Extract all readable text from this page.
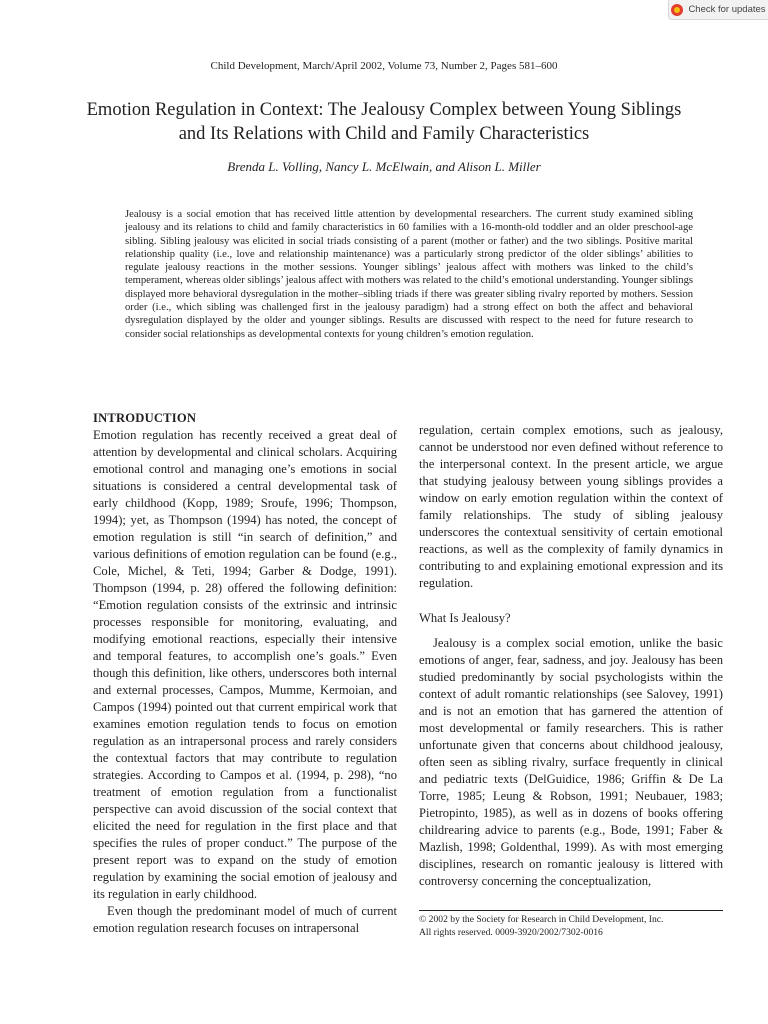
Check for updates
Child Development, March/April 2002, Volume 73, Number 2, Pages 581–600
Emotion Regulation in Context: The Jealousy Complex between Young Siblings and Its Relations with Child and Family Characteristics
Brenda L. Volling, Nancy L. McElwain, and Alison L. Miller

Jealousy is a social emotion that has received little attention by developmental researchers. The current study examined sibling jealousy and its relations to child and family characteristics in 60 families with a 16-month-old toddler and an older preschool-age sibling. Sibling jealousy was elicited in social triads consisting of a parent (mother or father) and the two siblings. Positive marital relationship quality (i.e., love and relationship maintenance) was a particularly strong predictor of the older siblings’ abilities to regulate jealousy reactions in the mother sessions. Younger siblings’ jealous affect with mothers was linked to the child’s temperament, whereas older siblings’ jealous affect with mothers was related to the child’s emotional understanding. Younger siblings displayed more behavioral dysregulation in the mother–sibling triads if there was greater sibling rivalry reported by mothers. Session order (i.e., which sibling was challenged first in the jealousy paradigm) had a strong effect on both the affect and behavioral dysregulation displayed by the older and younger siblings. Results are discussed with respect to the need for future research to consider social relationships as developmental contexts for young children’s emotion regulation.

INTRODUCTION

Emotion regulation has recently received a great deal of attention by developmental and clinical scholars. Acquiring emotional control and managing one’s emotions in social situations is considered a central developmental task of early childhood (Kopp, 1989; Sroufe, 1996; Thompson, 1994); yet, as Thompson (1994) has noted, the concept of emotion regulation is still “in search of definition,” and various definitions of emotion regulation can be found (e.g., Cole, Michel, & Teti, 1994; Garber & Dodge, 1991). Thompson (1994, p. 28) offered the following definition: “Emotion regulation consists of the extrinsic and intrinsic processes responsible for monitoring, evaluating, and modifying emotional reactions, especially their intensive and temporal features, to accomplish one’s goals.” Even though this definition, like others, underscores both internal and external processes, Campos, Mumme, Kermoian, and Campos (1994) pointed out that current empirical work that examines emotion regulation tends to focus on emotion regulation as an intrapersonal process and rarely considers the contextual factors that may contribute to regulation strategies. According to Campos et al. (1994, p. 298), “no treatment of emotion regulation from a functionalist perspective can avoid discussion of the social context that elicited the need for regulation in the first place and that specifies the rules of proper conduct.” The purpose of the present report was to expand on the study of emotion regulation by examining the social emotion of jealousy and its regulation in early childhood.

Even though the predominant model of much of current emotion regulation research focuses on intrapersonal

regulation, certain complex emotions, such as jealousy, cannot be understood nor even defined without reference to the interpersonal context. In the present article, we argue that studying jealousy between young siblings provides a window on early emotion regulation within the context of family relationships. The study of sibling jealousy underscores the contextual sensitivity of certain emotional reactions, as well as the complexity of family dynamics in contributing to and explaining emotional expression and its regulation.

What Is Jealousy?

Jealousy is a complex social emotion, unlike the basic emotions of anger, fear, sadness, and joy. Jealousy has been studied predominantly by social psychologists within the context of adult romantic relationships (see Salovey, 1991) and is not an emotion that has garnered the attention of most developmental or family researchers. This is rather unfortunate given that concerns about childhood jealousy, often seen as sibling rivalry, surface frequently in clinical and pediatric texts (DelGuidice, 1986; Griffin & De La Torre, 1985; Leung & Robson, 1991; Neubauer, 1983; Pietropinto, 1985), as well as in dozens of books offering childrearing advice to parents (e.g., Bode, 1991; Faber & Mazlish, 1998; Goldenthal, 1999). As with most emerging disciplines, research on romantic jealousy is littered with controversy concerning the conceptualization,

© 2002 by the Society for Research in Child Development, Inc.
All rights reserved. 0009-3920/2002/7302-0016
